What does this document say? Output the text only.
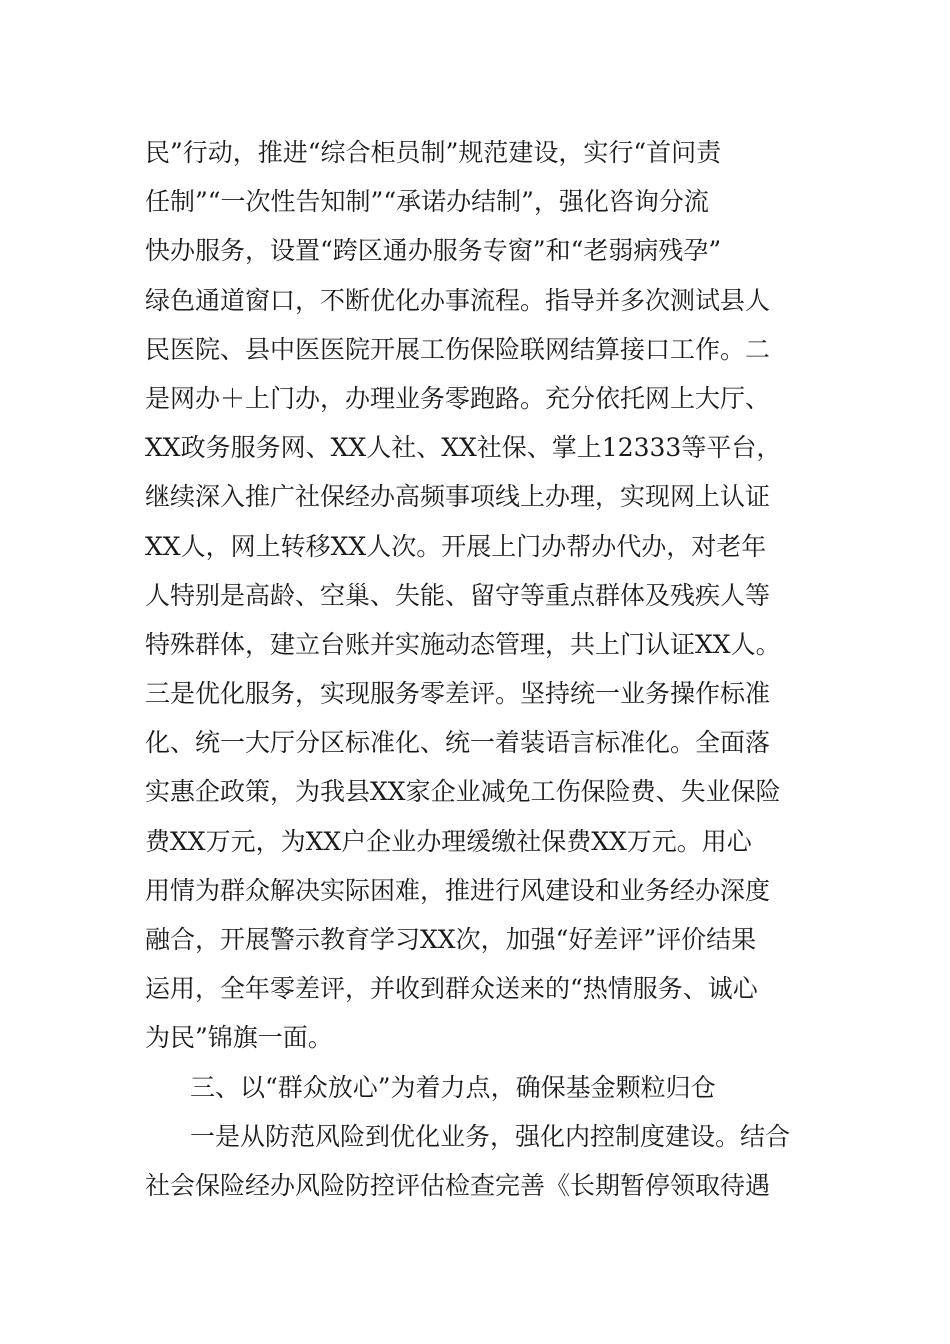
民”行动，推进“综合柜员制”规范建设，实行“首问责
任制”“一次性告知制”“承诺办结制”，强化咨询分流
快办服务，设置“跨区通办服务专窗”和“老弱病残孕”
绿色通道窗口，不断优化办事流程。指导并多次测试县人
民医院、县中医医院开展工伤保险联网结算接口工作。二
是网办＋上门办，办理业务零跑路。充分依托网上大厅、
XX政务服务网、XX人社、XX社保、掌上12333等平台，
继续深入推广社保经办高频事项线上办理，实现网上认证
XX人，网上转移XX人次。开展上门办帮办代办，对老年
人特别是高龄、空巢、失能、留守等重点群体及残疾人等
特殊群体，建立台账并实施动态管理，共上门认证XX人。
三是优化服务，实现服务零差评。坚持统一业务操作标准
化、统一大厅分区标准化、统一着装语言标准化。全面落
实惠企政策，为我县XX家企业减免工伤保险费、失业保险
费XX万元，为XX户企业办理缓缴社保费XX万元。用心
用情为群众解决实际困难，推进行风建设和业务经办深度
融合，开展警示教育学习XX次，加强“好差评”评价结果
运用，全年零差评，并收到群众送来的“热情服务、诚心
为民”锦旗一面。
三、以“群众放心”为着力点，确保基金颗粒归仓
一是从防范风险到优化业务，强化内控制度建设。结合
社会保险经办风险防控评估检查完善《长期暂停领取待遇
